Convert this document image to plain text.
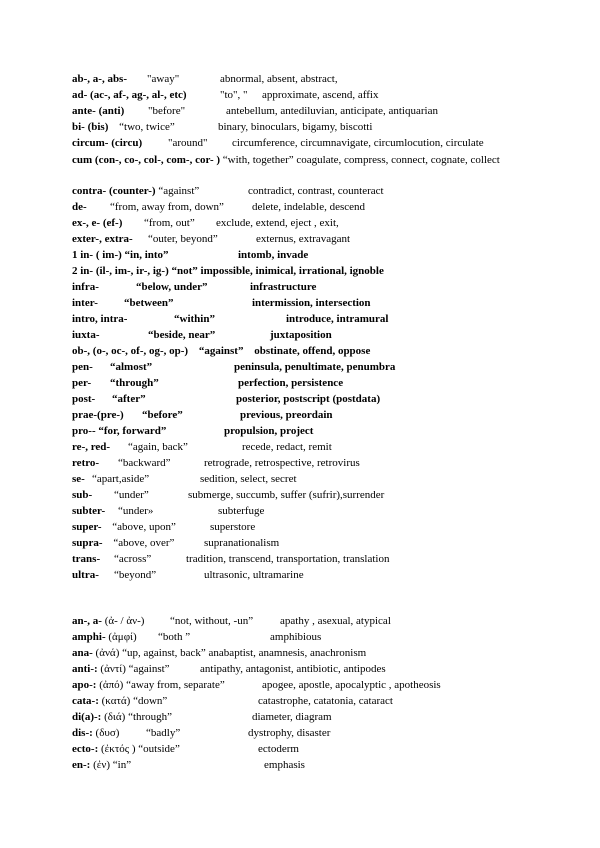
ab-, a-, abs- "away"	abnormal, absent, abstract,
ad- (ac-, af-, ag-, al-, etc)	"to", " approximate, ascend, affix
ante- (anti) "before"	antebellum, antediluvian, anticipate, antiquarian
bi- (bis) “two, twice”	binary, binoculars, bigamy, biscotti
circum- (circu) "around" circumference, circumnavigate, circumlocution, circulate
cum (con-, co-, col-, com-, cor- ) “with, together” coagulate, compress, connect, cognate, collect
contra- (counter-) “against”	contradict, contrast, counteract
de- “from, away from, down”	delete, indelable, descend
ex-, e- (ef-) “from, out” exclude, extend, eject , exit,
exter-, extra- “outer, beyond”	externus, extravagant
1 in- ( im-) “in, into”	intomb, invade
2 in- (il-, im-, ir-, ig-) “not” impossible, inimical, irrational, ignoble
infra-	“below, under”	infrastructure
inter- “between”	intermission, intersection
intro, intra-	“within”	introduce, intramural
iuxta-	“beside, near”	juxtaposition
ob-, (o-, oc-, of-, og-, op-) “against” obstinate, offend, oppose
pen- “almost”	peninsula, penultimate, penumbra
per- “through”	perfection, persistence
post- “after”	posterior, postscript (postdata)
prae-(pre-) “before”	previous, preordain
pro-- “for, forward”	propulsion, project
re-, red- “again, back”	recede, redact, remit
retro- “backward”	retrograde, retrospective, retrovirus
se- “apart,aside”	sedition, select, secret
sub- “under”	submerge, succumb, suffer (sufrir),surrender
subter- “under»	subterfuge
super- “above, upon”	superstore
supra- “above, over”	supranationalism
trans- “across”	tradition, transcend, transportation, translation
ultra- “beyond”	ultrasonic, ultramarine
an-, a- (ἀ- / ἀν-) “not, without, -un” apathy , asexual, atypical
amphi- (ἀμφί) “both ”	amphibious
ana- (ἀνά) “up, against, back” anabaptist, anamnesis, anachronism
anti-: (ἀντί) “against”	antipathy, antagonist, antibiotic, antipodes
apo-: (ἀπό) “away from, separate”	apogee, apostle, apocalyptic , apotheosis
cata-: (κατά) “down”	catastrophe, catatonia, cataract
di(a)-: (διά) “through”	diameter, diagram
dis-: (δυσ) “badly”	dystrophy, disaster
ecto-: (ἐκτός ) “outside”	ectoderm
en-: (ἐν) “in”	emphasis
